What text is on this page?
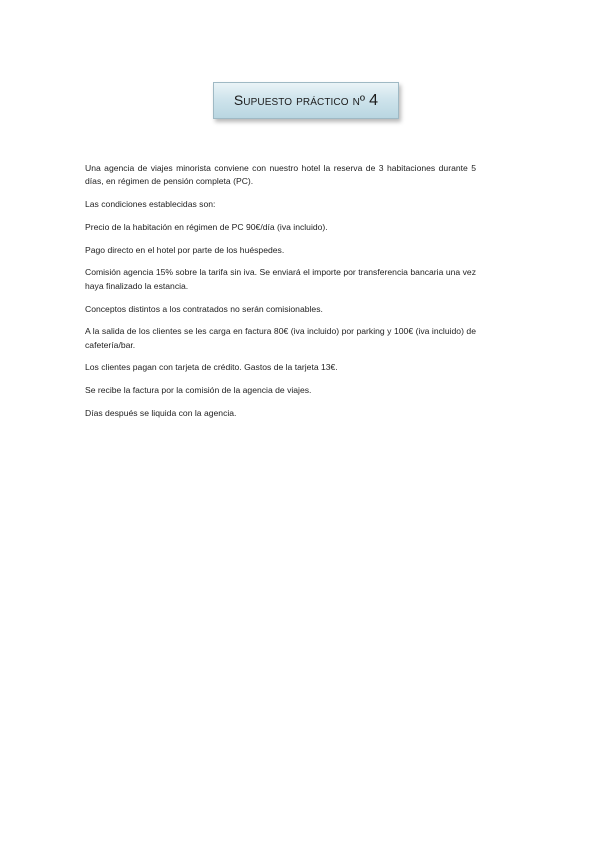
Supuesto práctico nº 4

Una agencia de viajes minorista conviene con nuestro hotel la reserva de 3 habitaciones durante 5 días, en régimen de pensión completa (PC).

Las condiciones establecidas son:

Precio de la habitación en régimen de PC 90€/día (iva incluido).

Pago directo en el hotel por parte de los huéspedes.

Comisión agencia 15% sobre la tarifa sin iva. Se enviará el importe por transferencia bancaria una vez haya finalizado la estancia.

Conceptos distintos a los contratados no serán comisionables.

A la salida de los clientes se les carga en factura 80€ (iva incluido) por parking y 100€ (iva incluido) de cafetería/bar.

Los clientes pagan con tarjeta de crédito. Gastos de la tarjeta 13€.

Se recibe la factura por la comisión de la agencia de viajes.

Días después se liquida con la agencia.
